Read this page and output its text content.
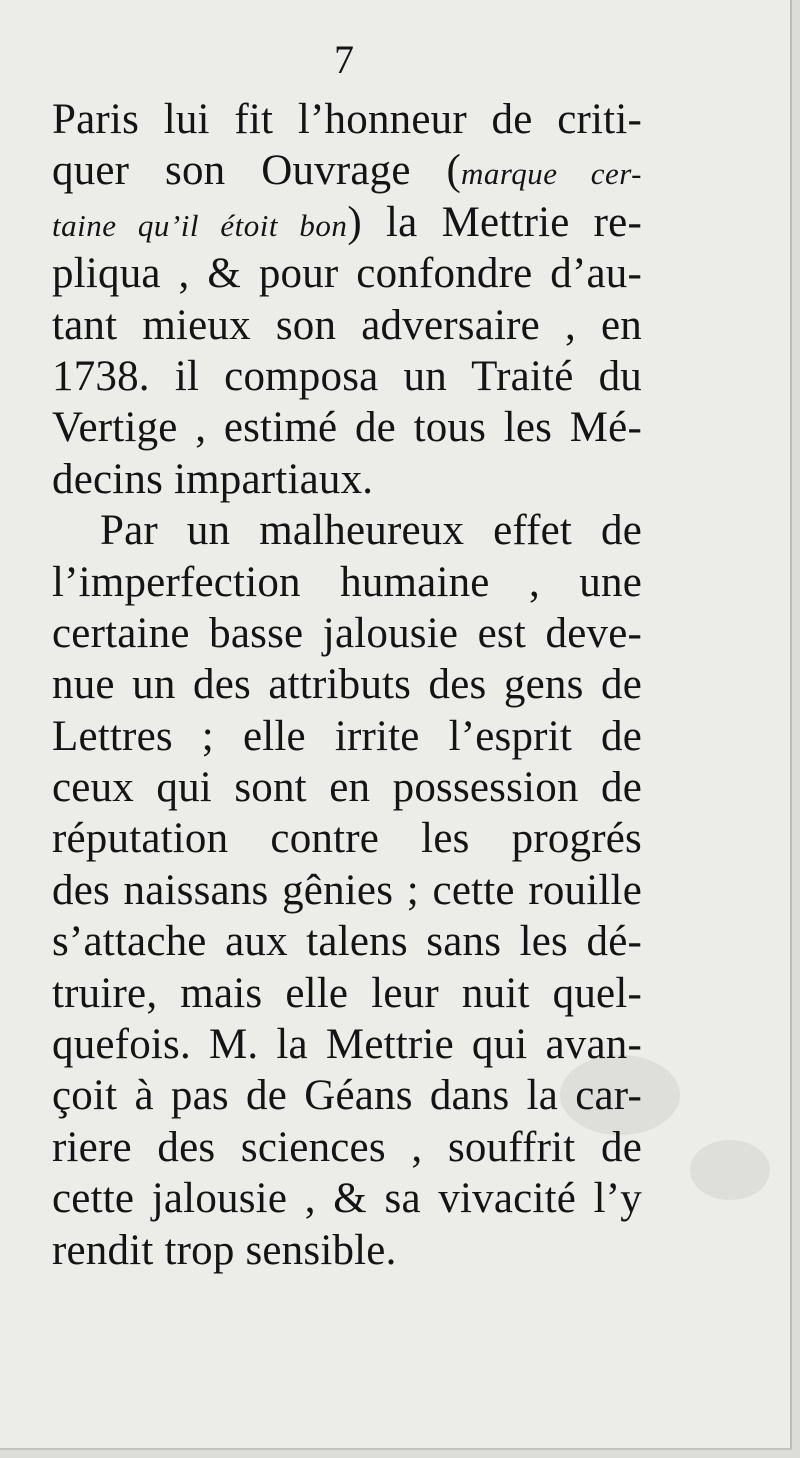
7
Paris lui fit l’honneur de criti-
quer son Ouvrage (marque cer-
taine qu’il étoit bon) la Mettrie re-
pliqua , & pour confondre d’au-
tant mieux son adversaire , en
1738. il composa un Traité du
Vertige , estimé de tous les Mé-
decins impartiaux.
Par un malheureux effet de
l’imperfection humaine , une
certaine basse jalousie est deve-
nue un des attributs des gens de
Lettres ; elle irrite l’esprit de
ceux qui sont en possession de
réputation contre les progrés
des naissans gênies ; cette rouille
s’attache aux talens sans les dé-
truire, mais elle leur nuit quel-
quefois. M. la Mettrie qui avan-
çoit à pas de Géans dans la car-
riere des sciences , souffrit de
cette jalousie , & sa vivacité l’y
rendit trop sensible.
